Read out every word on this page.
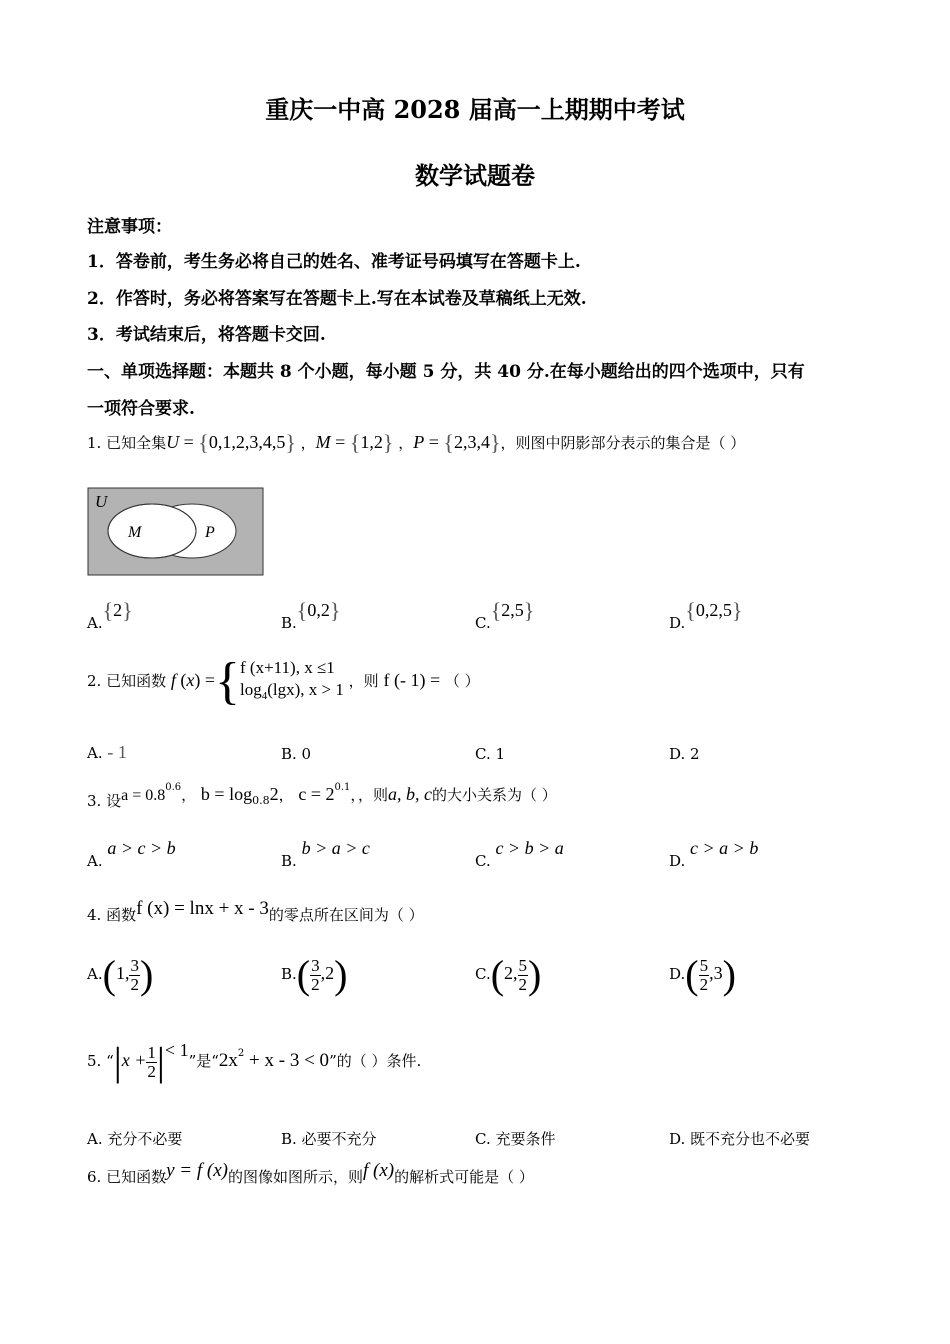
重庆一中高 2028 届高一上期期中考试
数学试题卷
注意事项：
1．答卷前，考生务必将自己的姓名、准考证号码填写在答题卡上.
2．作答时，务必将答案写在答题卡上.写在本试卷及草稿纸上无效.
3．考试结束后，将答题卡交回.
一、单项选择题：本题共 8 个小题，每小题 5 分，共 40 分.在每小题给出的四个选项中，只有
一项符合要求.
1. 已知全集U = {0,1,2,3,4,5} ，M = {1,2} ，P = {2,3,4}，则图中阴影部分表示的集合是（ ）
U
M	P
A.{2}	B.{0,2}	C.{2,5}	D.{0,2,5}
2. 已知函数 f (x) ={ f (x+11), x ≤1
$\log_4(\lg x)$, x > 1 ，则 f (- 1) = （ ）
A. - 1	B. 0	C. 1	D. 2
3. 设$a = 0.8^{0.6}$， $b = \log_{0.8}2$， $c = 2^{0.1}$，，则a, b, c的大小关系为（ ）
A. a > c > b
B. b > a > c
C. c > b > a
D. c > a > b
4. 函数f (x) = lnx + x - 3的零点所在区间为（ ）
A.(1, $\frac{3}{2}$ )	$B.( \frac{3}{2} ,2)$	C.(2, $\frac{5}{2}$ )	$D.( \frac{5}{2} ,3)$
5. “$|x + \frac{1}{2}$ |< 1”是“$2x^2 + x - 3 < 0$”的（ ）条件.
A. 充分不必要	B. 必要不充分	C. 充要条件	D. 既不充分也不必要
6. 已知函数y = f (x)的图像如图所示，则f (x)的解析式可能是（ ）
